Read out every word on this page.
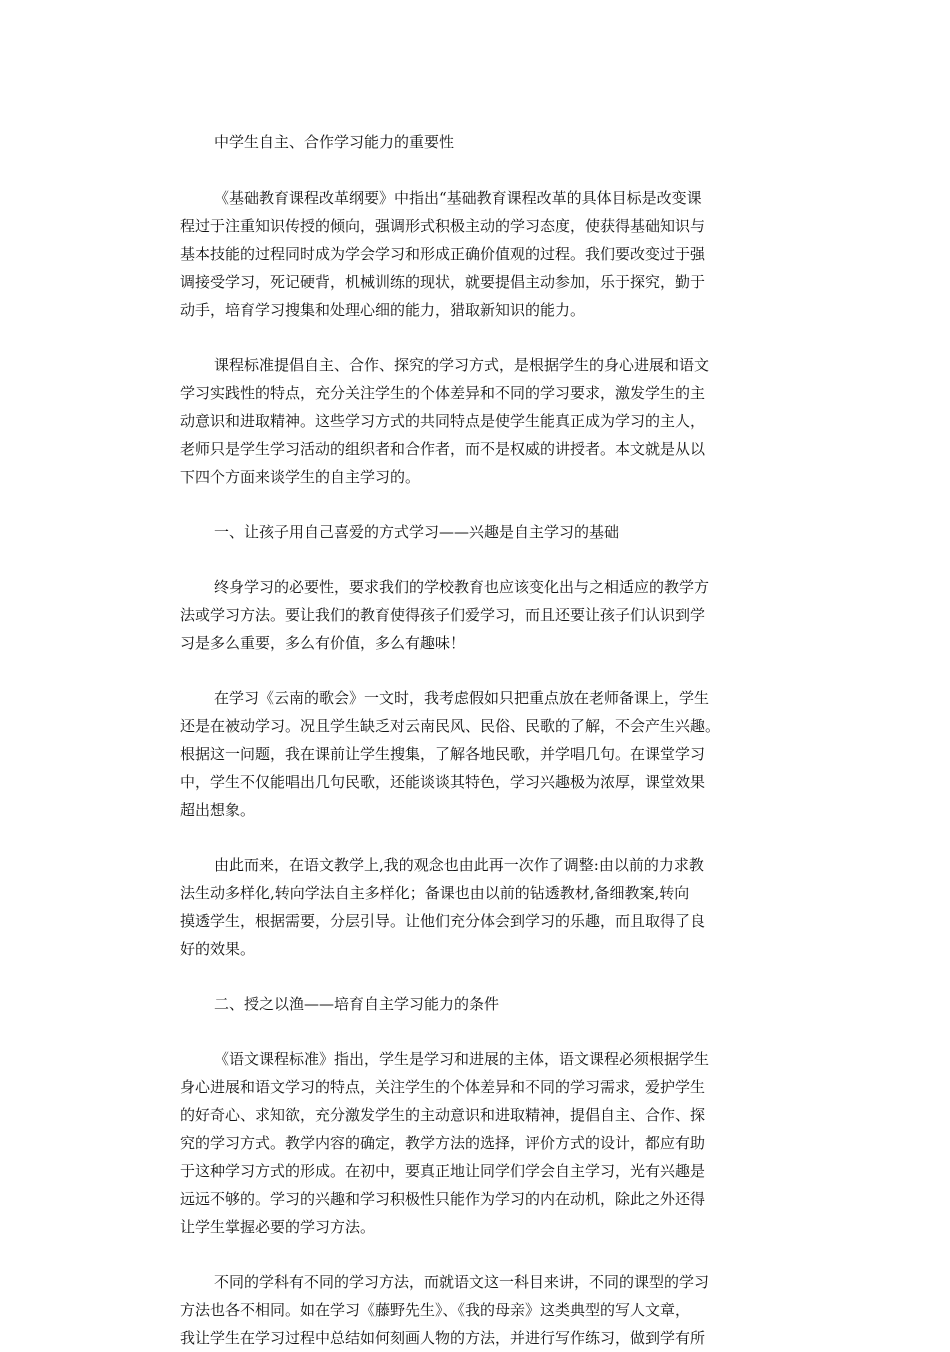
中学生自主、合作学习能力的重要性

《基础教育课程改革纲要》中指出“基础教育课程改革的具体目标是改变课
程过于注重知识传授的倾向，强调形式积极主动的学习态度，使获得基础知识与
基本技能的过程同时成为学会学习和形成正确价值观的过程。我们要改变过于强
调接受学习，死记硬背，机械训练的现状，就要提倡主动参加，乐于探究，勤于
动手，培育学习搜集和处理心细的能力，猎取新知识的能力。
课程标准提倡自主、合作、探究的学习方式，是根据学生的身心进展和语文
学习实践性的特点，充分关注学生的个体差异和不同的学习要求，激发学生的主
动意识和进取精神。这些学习方式的共同特点是使学生能真正成为学习的主人，
老师只是学生学习活动的组织者和合作者，而不是权威的讲授者。本文就是从以
下四个方面来谈学生的自主学习的。

一、让孩子用自己喜爱的方式学习——兴趣是自主学习的基础

终身学习的必要性，要求我们的学校教育也应该变化出与之相适应的教学方
法或学习方法。要让我们的教育使得孩子们爱学习，而且还要让孩子们认识到学
习是多么重要，多么有价值，多么有趣味！
在学习《云南的歌会》一文时，我考虑假如只把重点放在老师备课上，学生
还是在被动学习。况且学生缺乏对云南民风、民俗、民歌的了解，不会产生兴趣。
根据这一问题，我在课前让学生搜集，了解各地民歌，并学唱几句。在课堂学习
中，学生不仅能唱出几句民歌，还能谈谈其特色，学习兴趣极为浓厚，课堂效果
超出想象。
由此而来，在语文教学上,我的观念也由此再一次作了调整:由以前的力求教
法生动多样化,转向学法自主多样化；备课也由以前的钻透教材,备细教案,转向
摸透学生，根据需要，分层引导。让他们充分体会到学习的乐趣，而且取得了良
好的效果。

二、授之以渔——培育自主学习能力的条件

《语文课程标准》指出，学生是学习和进展的主体，语文课程必须根据学生
身心进展和语文学习的特点，关注学生的个体差异和不同的学习需求，爱护学生
的好奇心、求知欲，充分激发学生的主动意识和进取精神，提倡自主、合作、探
究的学习方式。教学内容的确定，教学方法的选择，评价方式的设计，都应有助
于这种学习方式的形成。在初中，要真正地让同学们学会自主学习，光有兴趣是
远远不够的。学习的兴趣和学习积极性只能作为学习的内在动机，除此之外还得
让学生掌握必要的学习方法。
不同的学科有不同的学习方法，而就语文这一科目来讲，不同的课型的学习
方法也各不相同。如在学习《藤野先生》、《我的母亲》这类典型的写人文章，
我让学生在学习过程中总结如何刻画人物的方法，并进行写作练习，做到学有所
